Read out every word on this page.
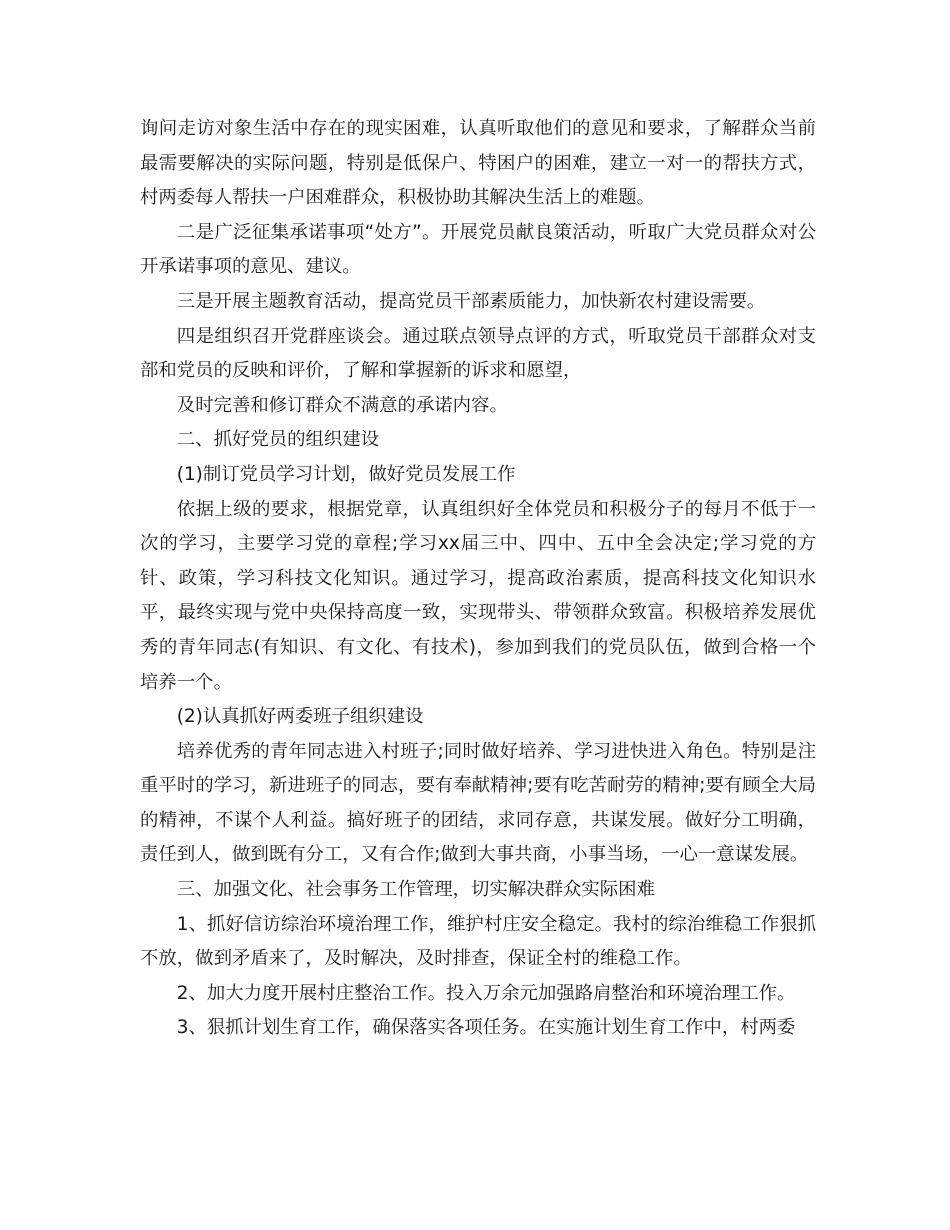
询问走访对象生活中存在的现实困难，认真听取他们的意见和要求，了解群众当前最需要解决的实际问题，特别是低保户、特困户的困难，建立一对一的帮扶方式，村两委每人帮扶一户困难群众，积极协助其解决生活上的难题。

二是广泛征集承诺事项“处方”。开展党员献良策活动，听取广大党员群众对公开承诺事项的意见、建议。

三是开展主题教育活动，提高党员干部素质能力，加快新农村建设需要。

四是组织召开党群座谈会。通过联点领导点评的方式，听取党员干部群众对支部和党员的反映和评价，了解和掌握新的诉求和愿望，

及时完善和修订群众不满意的承诺内容。

二、抓好党员的组织建设

(1)制订党员学习计划，做好党员发展工作

依据上级的要求，根据党章，认真组织好全体党员和积极分子的每月不低于一次的学习，主要学习党的章程;学习xx届三中、四中、五中全会决定;学习党的方针、政策，学习科技文化知识。通过学习，提高政治素质，提高科技文化知识水平，最终实现与党中央保持高度一致，实现带头、带领群众致富。积极培养发展优秀的青年同志(有知识、有文化、有技术)，参加到我们的党员队伍，做到合格一个培养一个。

(2)认真抓好两委班子组织建设

培养优秀的青年同志进入村班子;同时做好培养、学习进快进入角色。特别是注重平时的学习，新进班子的同志，要有奉献精神;要有吃苦耐劳的精神;要有顾全大局的精神，不谋个人利益。搞好班子的团结，求同存意，共谋发展。做好分工明确，责任到人，做到既有分工，又有合作;做到大事共商，小事当场，一心一意谋发展。

三、加强文化、社会事务工作管理，切实解决群众实际困难

1、抓好信访综治环境治理工作，维护村庄安全稳定。我村的综治维稳工作狠抓不放，做到矛盾来了，及时解决，及时排查，保证全村的维稳工作。

2、加大力度开展村庄整治工作。投入万余元加强路肩整治和环境治理工作。

3、狠抓计划生育工作，确保落实各项任务。在实施计划生育工作中，村两委
